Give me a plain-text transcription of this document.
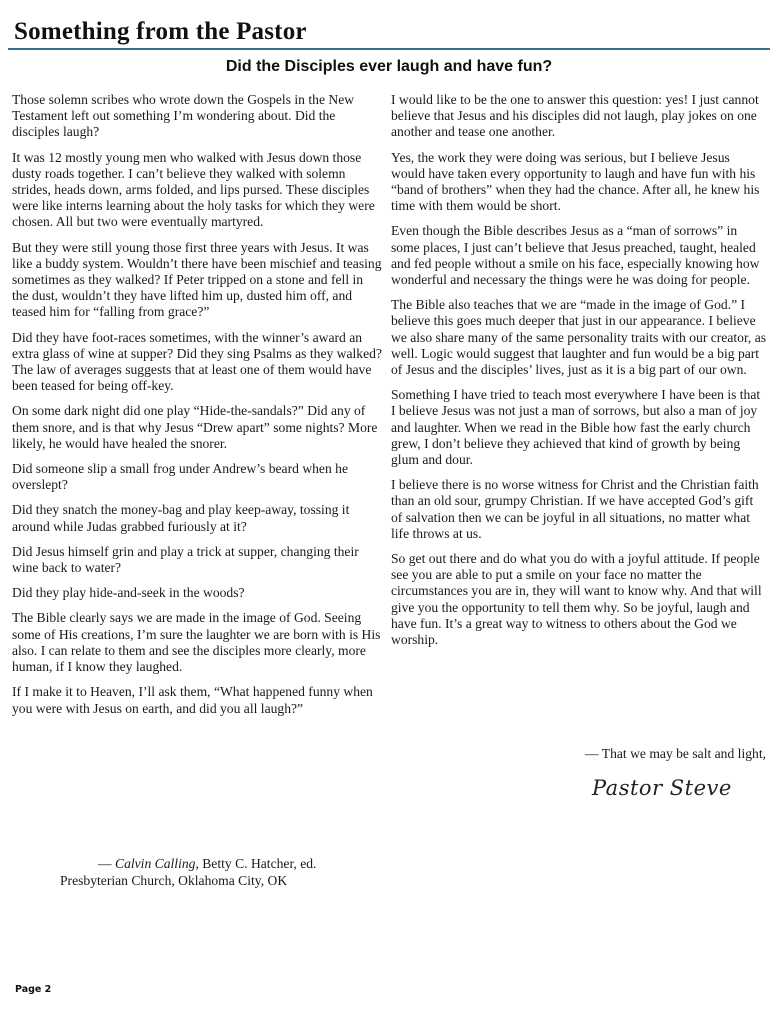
Something from the Pastor
Did the Disciples ever laugh and have fun?

Those solemn scribes who wrote down the Gospels in the New Testament left out something I’m wondering about. Did the disciples laugh?

It was 12 mostly young men who walked with Jesus down those dusty roads together. I can’t believe they walked with solemn strides, heads down, arms folded, and lips pursed. These disciples were like interns learning about the holy tasks for which they were chosen. All but two were eventually martyred.

But they were still young those first three years with Jesus. It was like a buddy system. Wouldn’t there have been mischief and teasing sometimes as they walked? If Peter tripped on a stone and fell in the dust, wouldn’t they have lifted him up, dusted him off, and teased him for “falling from grace?”

Did they have foot-races sometimes, with the winner’s award an extra glass of wine at supper? Did they sing Psalms as they walked? The law of averages suggests that at least one of them would have been teased for being off-key.

On some dark night did one play “Hide-the-sandals?” Did any of them snore, and is that why Jesus “Drew apart” some nights? More likely, he would have healed the snorer.

Did someone slip a small frog under Andrew’s beard when he overslept?

Did they snatch the money-bag and play keep-away, tossing it around while Judas grabbed furiously at it?

Did Jesus himself grin and play a trick at supper, changing their wine back to water?

Did they play hide-and-seek in the woods?

The Bible clearly says we are made in the image of God. Seeing some of His creations, I’m sure the laughter we are born with is His also. I can relate to them and see the disciples more clearly, more human, if I know they laughed.

If I make it to Heaven, I’ll ask them, “What happened funny when you were with Jesus on earth, and did you all laugh?”

I would like to be the one to answer this question: yes! I just cannot believe that Jesus and his disciples did not laugh, play jokes on one another and tease one another.

Yes, the work they were doing was serious, but I believe Jesus would have taken every opportunity to laugh and have fun with his “band of brothers” when they had the chance. After all, he knew his time with them would be short.

Even though the Bible describes Jesus as a “man of sorrows” in some places, I just can’t believe that Jesus preached, taught, healed and fed people without a smile on his face, especially knowing how wonderful and necessary the things were he was doing for people.

The Bible also teaches that we are “made in the image of God.” I believe this goes much deeper that just in our appearance. I believe we also share many of the same personality traits with our creator, as well. Logic would suggest that laughter and fun would be a big part of Jesus and the disciples’ lives, just as it is a big part of our own.

Something I have tried to teach most everywhere I have been is that I believe Jesus was not just a man of sorrows, but also a man of joy and laughter. When we read in the Bible how fast the early church grew, I don’t believe they achieved that kind of growth by being glum and dour.

I believe there is no worse witness for Christ and the Christian faith than an old sour, grumpy Christian. If we have accepted God’s gift of salvation then we can be joyful in all situations, no matter what life throws at us.

So get out there and do what you do with a joyful attitude. If people see you are able to put a smile on your face no matter the circumstances you are in, they will want to know why. And that will give you the opportunity to tell them why. So be joyful, laugh and have fun. It’s a great way to witness to others about the God we worship.

— That we may be salt and light,
Pastor Steve
— Calvin Calling, Betty C. Hatcher, ed.
Presbyterian Church, Oklahoma City, OK
Page 2
